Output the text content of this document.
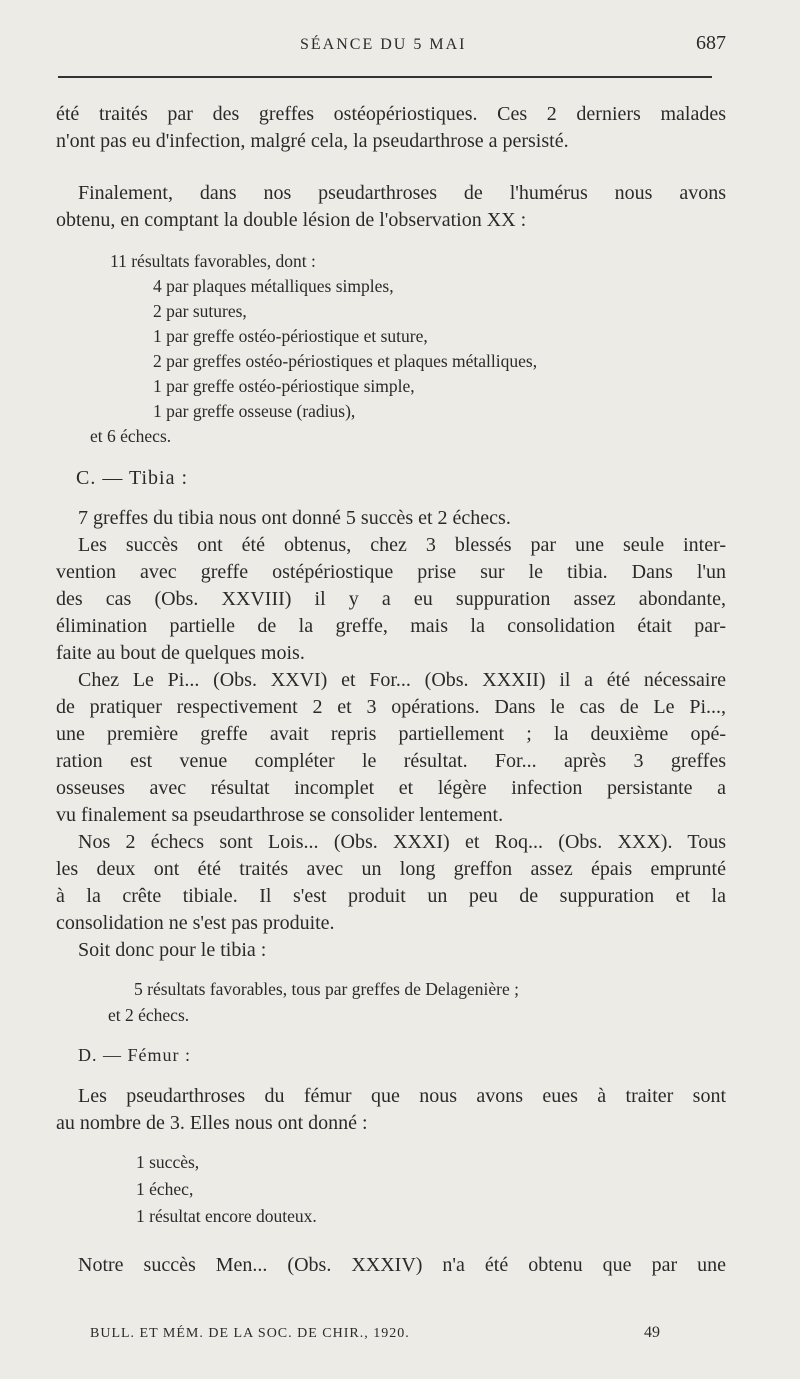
SÉANCE DU 5 MAI	687

été traités par des greffes ostéopériostiques. Ces 2 derniers malades

n'ont pas eu d'infection, malgré cela, la pseudarthrose a persisté.

Finalement, dans nos pseudarthroses de l'humérus nous avons

obtenu, en comptant la double lésion de l'observation XX :

11 résultats favorables, dont :

4 par plaques métalliques simples,

2 par sutures,

1 par greffe ostéo-périostique et suture,

2 par greffes ostéo-périostiques et plaques métalliques,

1 par greffe ostéo-périostique simple,

1 par greffe osseuse (radius),

et 6 échecs.

C. — Tibia :

7 greffes du tibia nous ont donné 5 succès et 2 échecs.

Les succès ont été obtenus, chez 3 blessés par une seule inter-

vention avec greffe ostépériostique prise sur le tibia. Dans l'un

des cas (Obs. XXVIII) il y a eu suppuration assez abondante,

élimination partielle de la greffe, mais la consolidation était par-

faite au bout de quelques mois.

Chez Le Pi... (Obs. XXVI) et For... (Obs. XXXII) il a été nécessaire

de pratiquer respectivement 2 et 3 opérations. Dans le cas de Le Pi...,

une première greffe avait repris partiellement ; la deuxième opé-

ration est venue compléter le résultat. For... après 3 greffes

osseuses avec résultat incomplet et légère infection persistante a

vu finalement sa pseudarthrose se consolider lentement.

Nos 2 échecs sont Lois... (Obs. XXXI) et Roq... (Obs. XXX). Tous

les deux ont été traités avec un long greffon assez épais emprunté

à la crête tibiale. Il s'est produit un peu de suppuration et la

consolidation ne s'est pas produite.

Soit donc pour le tibia :

5 résultats favorables, tous par greffes de Delagenière ;

et 2 échecs.

D. — Fémur :

Les pseudarthroses du fémur que nous avons eues à traiter sont

au nombre de 3. Elles nous ont donné :

1 succès,

1 échec,

1 résultat encore douteux.

Notre succès Men... (Obs. XXXIV) n'a été obtenu que par une

BULL. ET MÉM. DE LA SOC. DE CHIR., 1920.	49
